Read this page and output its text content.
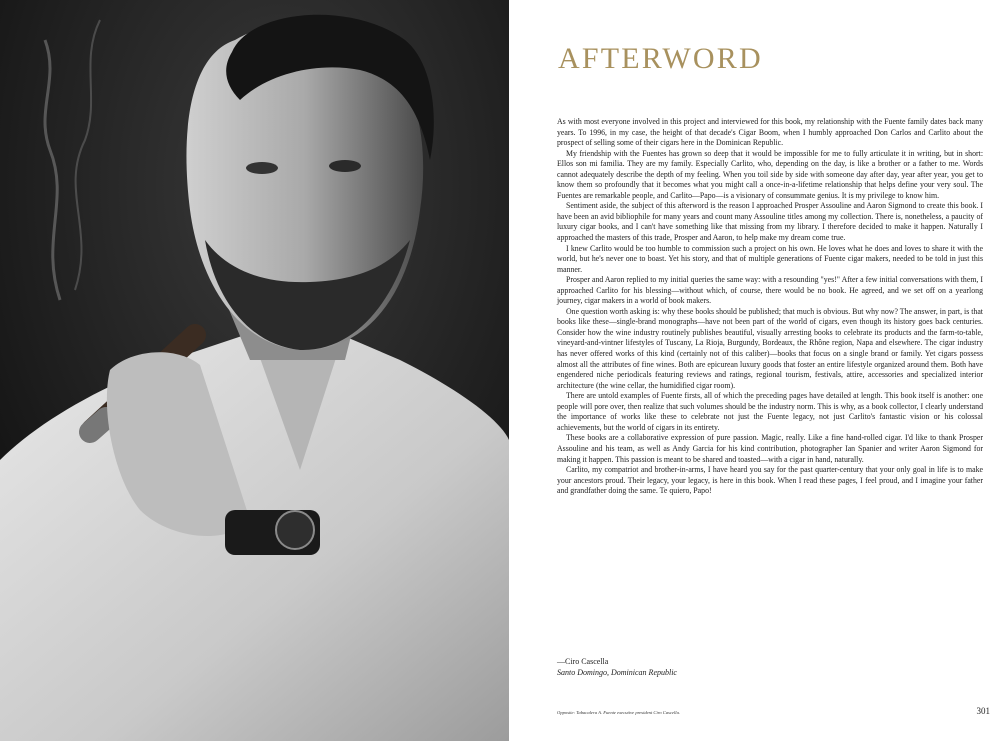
AFTERWORD

As with most everyone involved in this project and interviewed for this book, my relationship with the Fuente family dates back many years. To 1996, in my case, the height of that decade's Cigar Boom, when I humbly approached Don Carlos and Carlito about the prospect of selling some of their cigars here in the Dominican Republic.

My friendship with the Fuentes has grown so deep that it would be impossible for me to fully articulate it in writing, but in short: Ellos son mi familia. They are my family. Especially Carlito, who, depending on the day, is like a brother or a father to me. Words cannot adequately describe the depth of my feeling. When you toil side by side with someone day after day, year after year, you get to know them so profoundly that it becomes what you might call a once-in-a-lifetime relationship that helps define your very soul. The Fuentes are remarkable people, and Carlito—Papo—is a visionary of consummate genius. It is my privilege to know him.

Sentiment aside, the subject of this afterword is the reason I approached Prosper Assouline and Aaron Sigmond to create this book. I have been an avid bibliophile for many years and count many Assouline titles among my collection. There is, nonetheless, a paucity of luxury cigar books, and I can't have something like that missing from my library. I therefore decided to make it happen. Naturally I approached the masters of this trade, Prosper and Aaron, to help make my dream come true.

I knew Carlito would be too humble to commission such a project on his own. He loves what he does and loves to share it with the world, but he's never one to boast. Yet his story, and that of multiple generations of Fuente cigar makers, needed to be told in just this manner.

Prosper and Aaron replied to my initial queries the same way: with a resounding "yes!" After a few initial conversations with them, I approached Carlito for his blessing—without which, of course, there would be no book. He agreed, and we set off on a yearlong journey, cigar makers in a world of book makers.

One question worth asking is: why these books should be published; that much is obvious. But why now? The answer, in part, is that books like these—single-brand monographs—have not been part of the world of cigars, even though its history goes back centuries. Consider how the wine industry routinely publishes beautiful, visually arresting books to celebrate its products and the farm-to-table, vineyard-and-vintner lifestyles of Tuscany, La Rioja, Burgundy, Bordeaux, the Rhône region, Napa and elsewhere. The cigar industry has never offered works of this kind (certainly not of this caliber)—books that focus on a single brand or family. Yet cigars possess almost all the attributes of fine wines. Both are epicurean luxury goods that foster an entire lifestyle organized around them. Both have engendered niche periodicals featuring reviews and ratings, regional tourism, festivals, attire, accessories and specialized interior architecture (the wine cellar, the humidified cigar room).

There are untold examples of Fuente firsts, all of which the preceding pages have detailed at length. This book itself is another: one people will pore over, then realize that such volumes should be the industry norm. This is why, as a book collector, I clearly understand the importance of works like these to celebrate not just the Fuente legacy, not just Carlito's fantastic vision or his colossal achievements, but the world of cigars in its entirety.

These books are a collaborative expression of pure passion. Magic, really. Like a fine hand-rolled cigar. I'd like to thank Prosper Assouline and his team, as well as Andy Garcia for his kind contribution, photographer Ian Spanier and writer Aaron Sigmond for making it happen. This passion is meant to be shared and toasted—with a cigar in hand, naturally.

Carlito, my compatriot and brother-in-arms, I have heard you say for the past quarter-century that your only goal in life is to make your ancestors proud. Their legacy, your legacy, is here in this book. When I read these pages, I feel proud, and I imagine your father and grandfather doing the same. Te quiero, Papo!

—Ciro Cascella
Santo Domingo, Dominican Republic
Opposite: Tabacalera A. Fuente executive president Ciro Cascella.	301
